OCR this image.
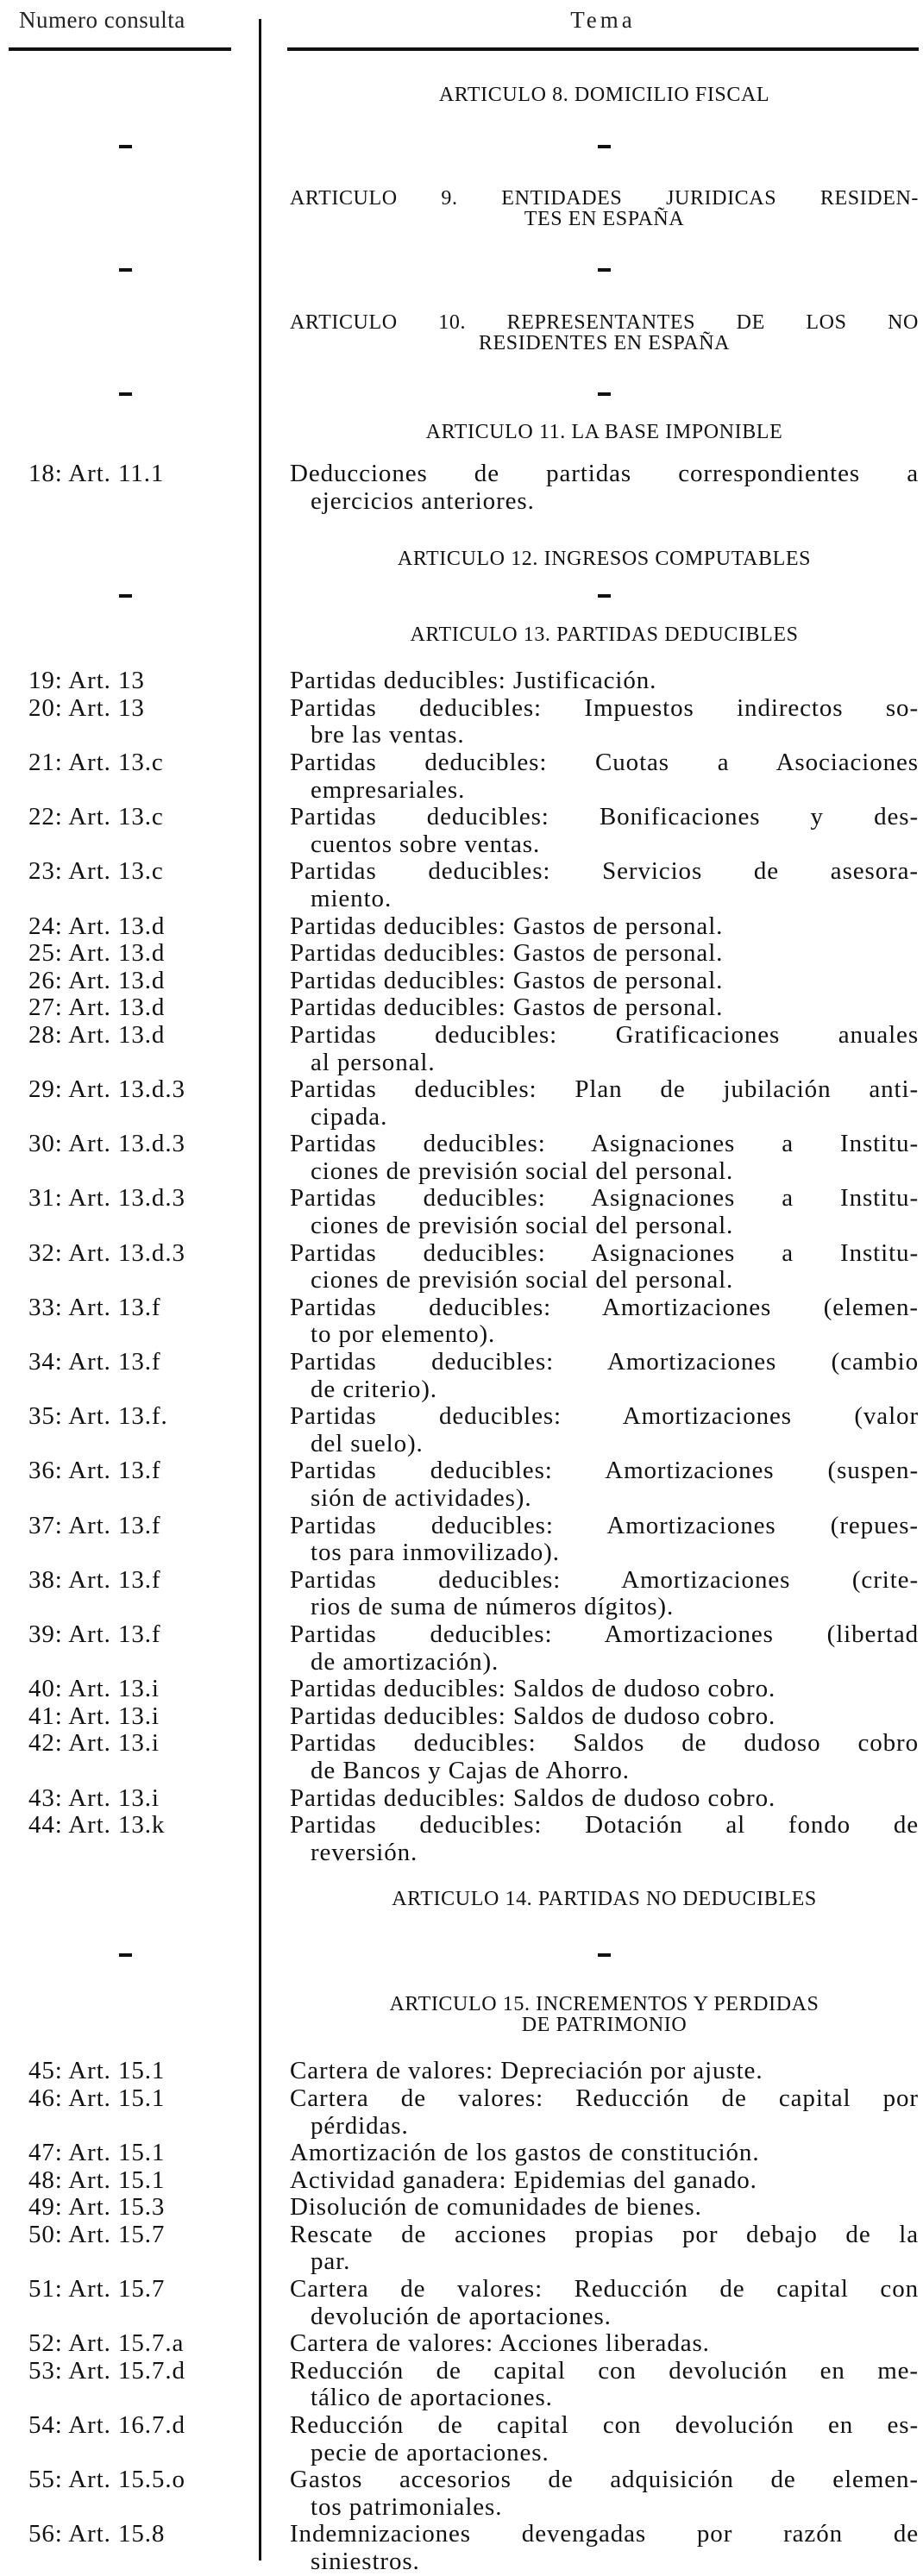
Numero consulta	Tema
ARTICULO 8. DOMICILIO FISCAL
ARTICULO 9. ENTIDADES JURIDICAS RESIDEN-
TES EN ESPAÑA
ARTICULO 10. REPRESENTANTES DE LOS NO
RESIDENTES EN ESPAÑA
ARTICULO 11. LA BASE IMPONIBLE
18: Art. 11.1	Deducciones de partidas correspondientes a
ejercicios anteriores.
ARTICULO 12. INGRESOS COMPUTABLES
ARTICULO 13. PARTIDAS DEDUCIBLES
19: Art. 13	Partidas deducibles: Justificación.
20: Art. 13	Partidas deducibles: Impuestos indirectos so-
bre las ventas.
21: Art. 13.c	Partidas deducibles: Cuotas a Asociaciones
empresariales.
22: Art. 13.c	Partidas deducibles: Bonificaciones y des-
cuentos sobre ventas.
23: Art. 13.c	Partidas deducibles: Servicios de asesora-
miento.
24: Art. 13.d	Partidas deducibles: Gastos de personal.
25: Art. 13.d	Partidas deducibles: Gastos de personal.
26: Art. 13.d	Partidas deducibles: Gastos de personal.
27: Art. 13.d	Partidas deducibles: Gastos de personal.
28: Art. 13.d	Partidas deducibles: Gratificaciones anuales
al personal.
29: Art. 13.d.3	Partidas deducibles: Plan de jubilación anti-
cipada.
30: Art. 13.d.3	Partidas deducibles: Asignaciones a Institu-
ciones de previsión social del personal.
31: Art. 13.d.3	Partidas deducibles: Asignaciones a Institu-
ciones de previsión social del personal.
32: Art. 13.d.3	Partidas deducibles: Asignaciones a Institu-
ciones de previsión social del personal.
33: Art. 13.f	Partidas deducibles: Amortizaciones (elemen-
to por elemento).
34: Art. 13.f	Partidas deducibles: Amortizaciones (cambio
de criterio).
35: Art. 13.f.	Partidas deducibles: Amortizaciones (valor
del suelo).
36: Art. 13.f	Partidas deducibles: Amortizaciones (suspen-
sión de actividades).
37: Art. 13.f	Partidas deducibles: Amortizaciones (repues-
tos para inmovilizado).
38: Art. 13.f	Partidas deducibles: Amortizaciones (crite-
rios de suma de números dígitos).
39: Art. 13.f	Partidas deducibles: Amortizaciones (libertad
de amortización).
40: Art. 13.i	Partidas deducibles: Saldos de dudoso cobro.
41: Art. 13.i	Partidas deducibles: Saldos de dudoso cobro.
42: Art. 13.i	Partidas deducibles: Saldos de dudoso cobro
de Bancos y Cajas de Ahorro.
43: Art. 13.i	Partidas deducibles: Saldos de dudoso cobro.
44: Art. 13.k	Partidas deducibles: Dotación al fondo de
reversión.
ARTICULO 14. PARTIDAS NO DEDUCIBLES
ARTICULO 15. INCREMENTOS Y PERDIDAS
DE PATRIMONIO
45: Art. 15.1	Cartera de valores: Depreciación por ajuste.
46: Art. 15.1	Cartera de valores: Reducción de capital por
pérdidas.
47: Art. 15.1	Amortización de los gastos de constitución.
48: Art. 15.1	Actividad ganadera: Epidemias del ganado.
49: Art. 15.3	Disolución de comunidades de bienes.
50: Art. 15.7	Rescate de acciones propias por debajo de la
par.
51: Art. 15.7	Cartera de valores: Reducción de capital con
devolución de aportaciones.
52: Art. 15.7.a	Cartera de valores: Acciones liberadas.
53: Art. 15.7.d	Reducción de capital con devolución en me-
tálico de aportaciones.
54: Art. 16.7.d	Reducción de capital con devolución en es-
pecie de aportaciones.
55: Art. 15.5.o	Gastos accesorios de adquisición de elemen-
tos patrimoniales.
56: Art. 15.8	Indemnizaciones devengadas por razón de
siniestros.
